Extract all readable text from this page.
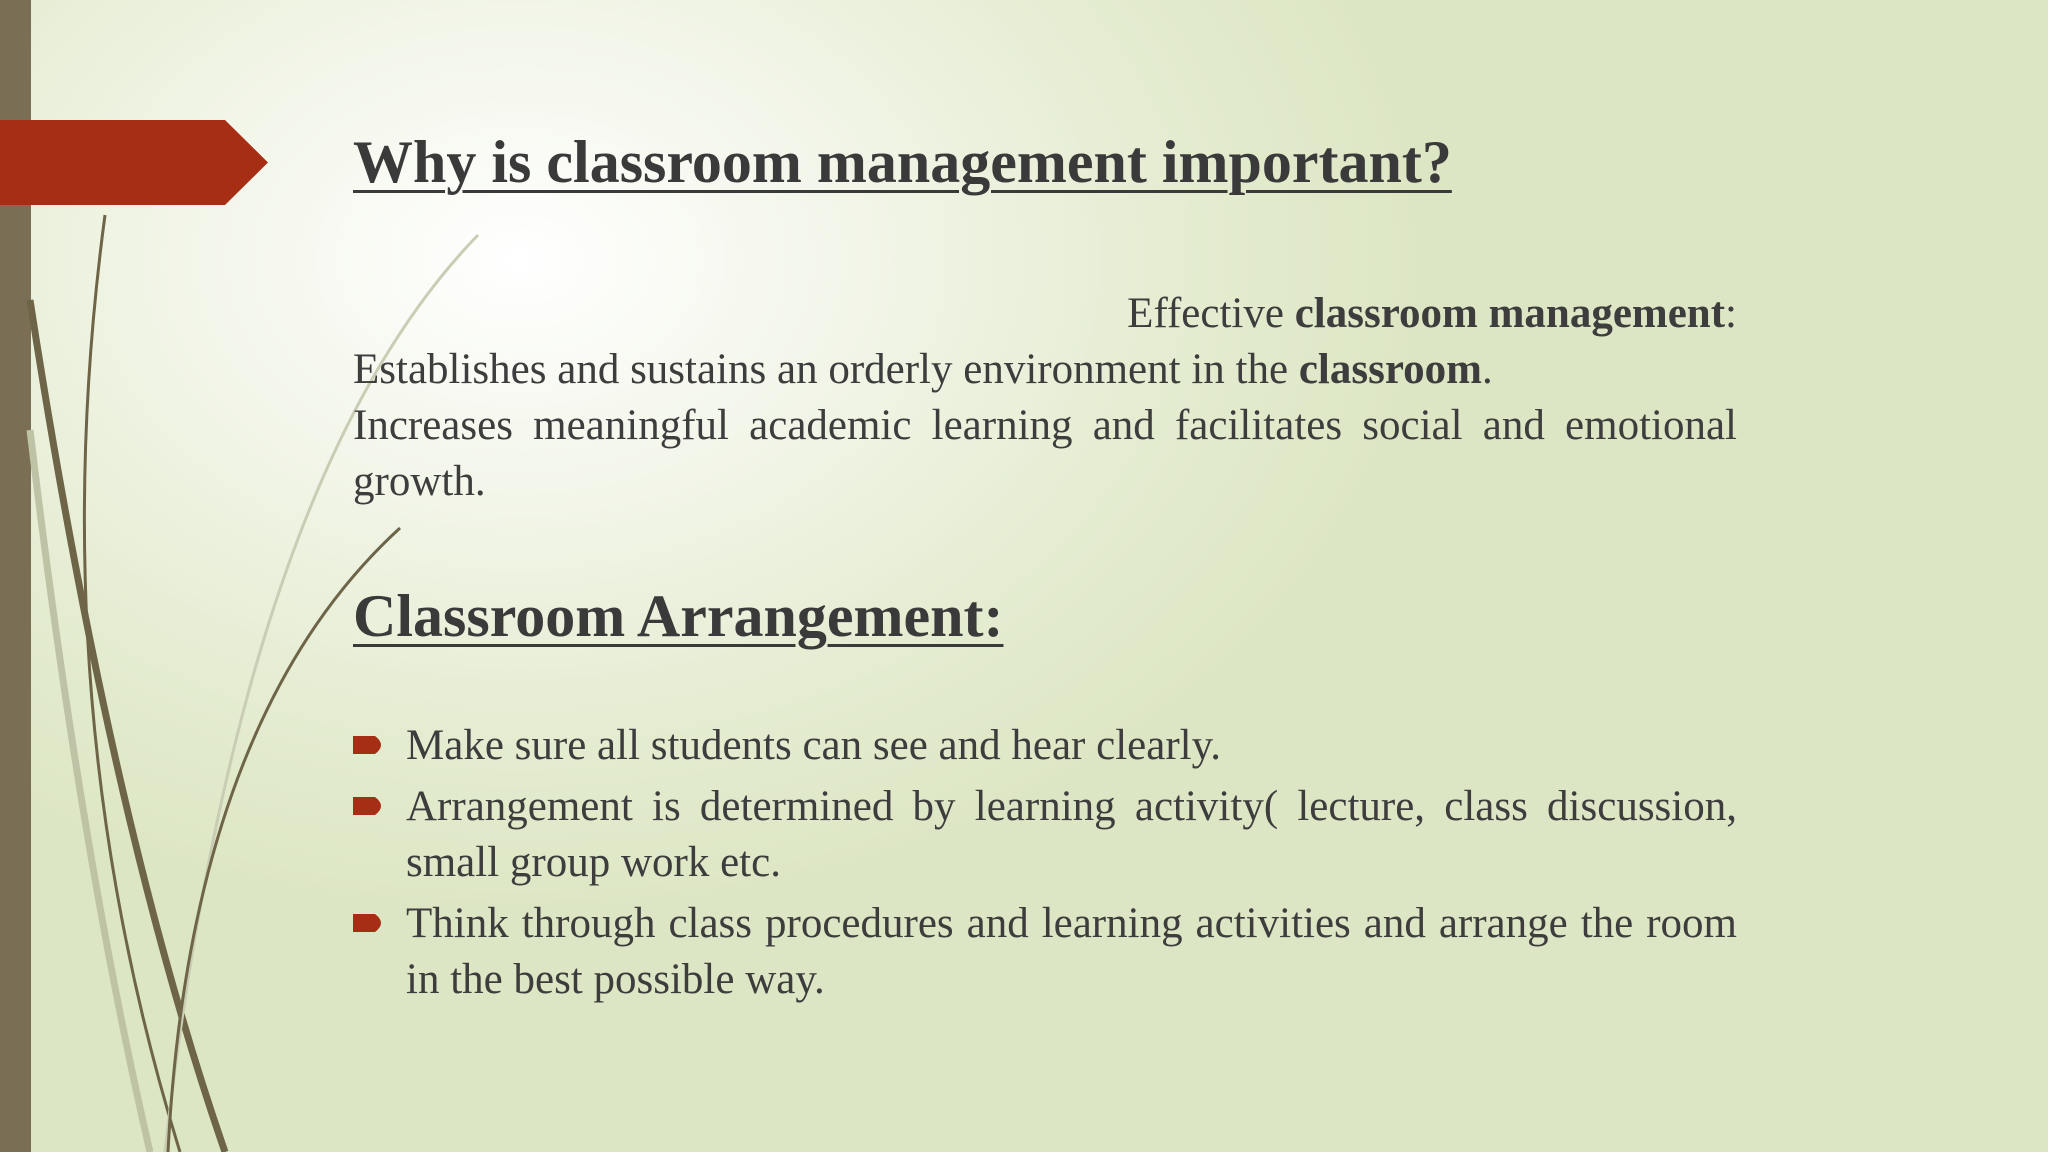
Why is classroom management important?
Effective classroom management:
Establishes and sustains an orderly environment in the classroom.
Increases meaningful academic learning and facilitates social and emotional growth.
Classroom Arrangement:
Make sure all students can see and hear clearly.
Arrangement is determined by learning activity( lecture, class discussion, small group work etc.
Think through class procedures and learning activities and arrange the room in the best possible way.
